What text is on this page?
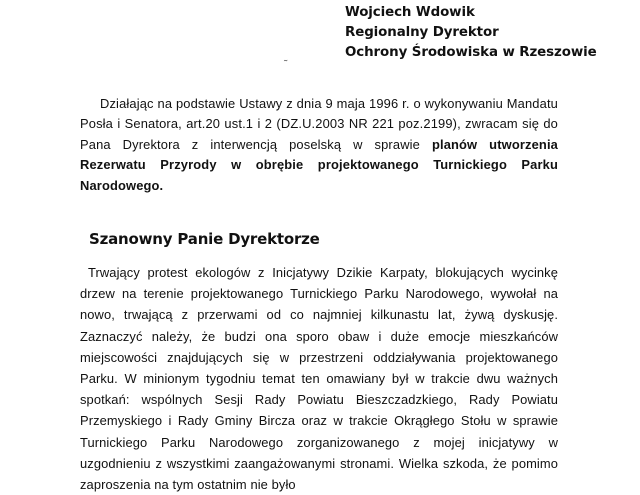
Wojciech Wdowik
Regionalny Dyrektor
Ochrony Środowiska w Rzeszowie
˜

Działając na podstawie Ustawy z dnia 9 maja 1996 r. o wykonywaniu Mandatu Posła i Senatora, art.20 ust.1 i 2 (DZ.U.2003 NR 221 poz.2199), zwracam się do Pana Dyrektora z interwencją poselską w sprawie planów utworzenia Rezerwatu Przyrody w obrębie projektowanego Turnickiego Parku Narodowego.

Szanowny Panie Dyrektorze

Trwający protest ekologów z Inicjatywy Dzikie Karpaty, blokujących wycinkę drzew na terenie projektowanego Turnickiego Parku Narodowego, wywołał na nowo, trwającą z przerwami od co najmniej kilkunastu lat, żywą dyskusję. Zaznaczyć należy, że budzi ona sporo obaw i duże emocje mieszkańców miejscowości znajdujących się w przestrzeni oddziaływania projektowanego Parku. W minionym tygodniu temat ten omawiany był w trakcie dwu ważnych spotkań: wspólnych Sesji Rady Powiatu Bieszczadzkiego, Rady Powiatu Przemyskiego i Rady Gminy Bircza oraz w trakcie Okrągłego Stołu w sprawie Turnickiego Parku Narodowego zorganizowanego z mojej inicjatywy w uzgodnieniu z wszystkimi zaangażowanymi stronami. Wielka szkoda, że pomimo zaproszenia na tym ostatnim nie było
